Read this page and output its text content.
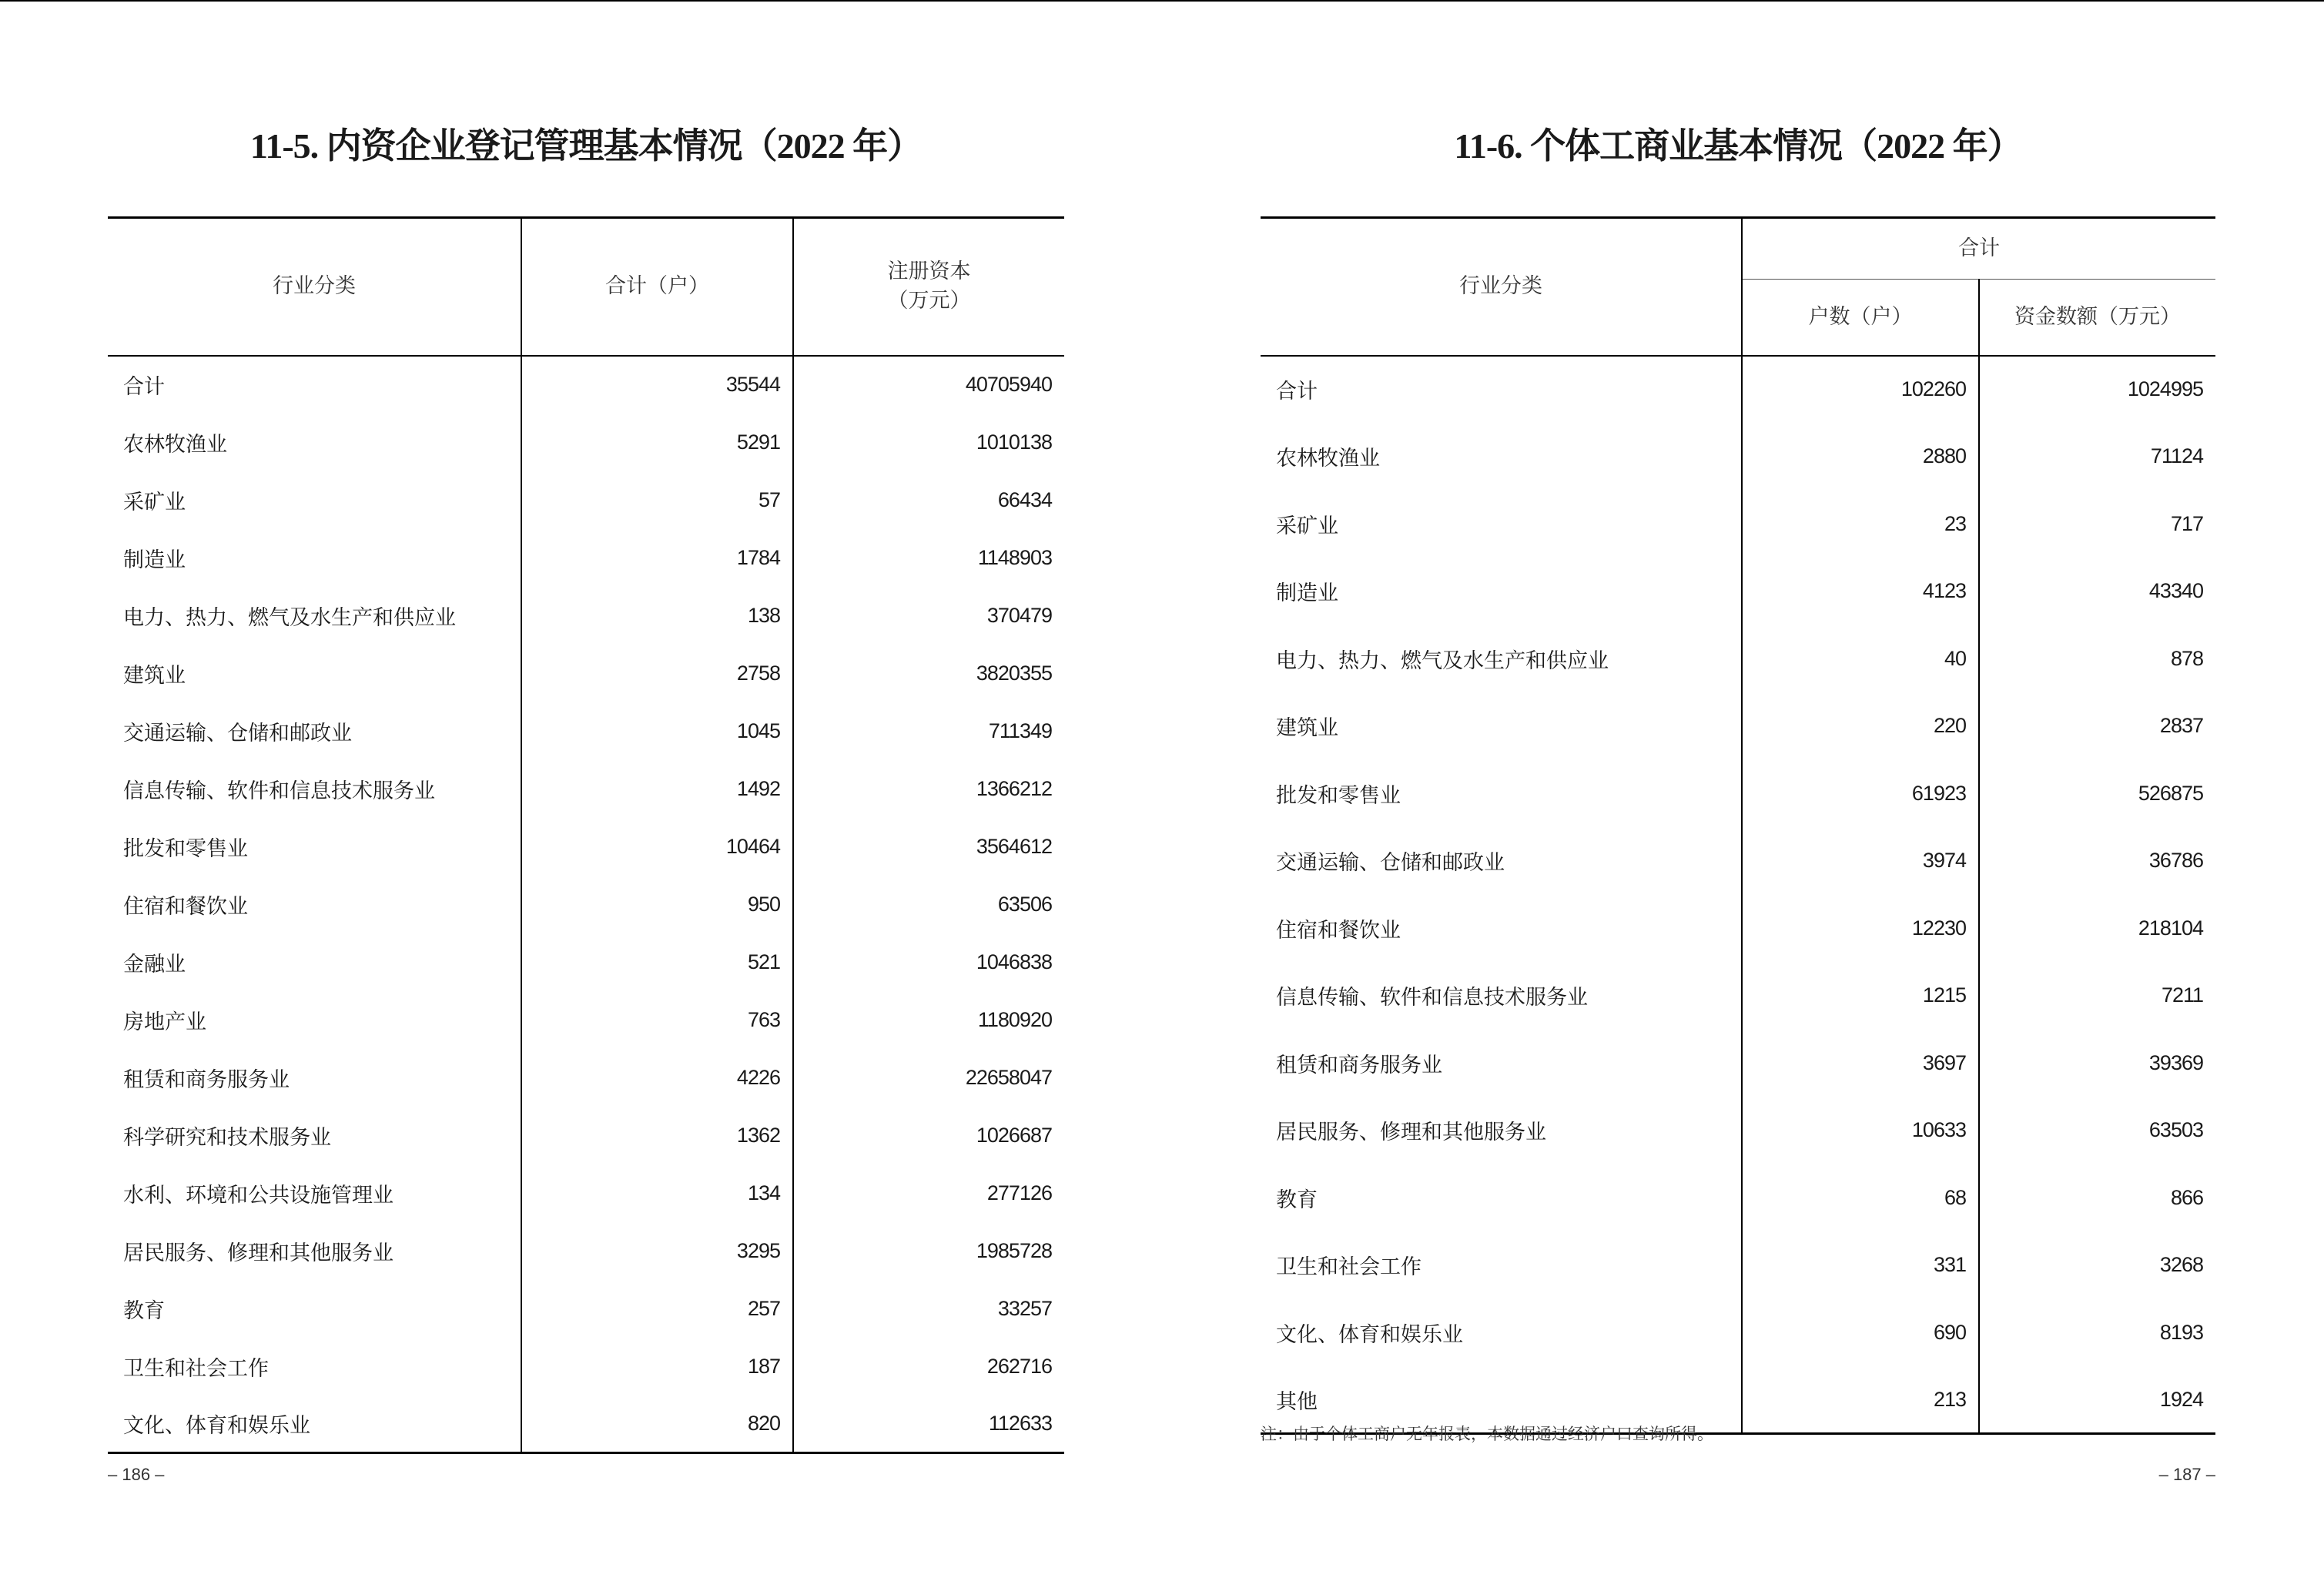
11-5. 内资企业登记管理基本情况（2022 年）
行业分类	合计（户）	注册资本
（万元）

合计	35544	40705940
农林牧渔业	5291	1010138
采矿业	57	66434
制造业	1784	1148903
电力、热力、燃气及水生产和供应业	138	370479
建筑业	2758	3820355
交通运输、仓储和邮政业	1045	711349
信息传输、软件和信息技术服务业	1492	1366212
批发和零售业	10464	3564612
住宿和餐饮业	950	63506
金融业	521	1046838
房地产业	763	1180920
租赁和商务服务业	4226	22658047
科学研究和技术服务业	1362	1026687
水利、环境和公共设施管理业	134	277126
居民服务、修理和其他服务业	3295	1985728
教育	257	33257
卫生和社会工作	187	262716
文化、体育和娱乐业	820	112633
– 186 –
11-6. 个体工商业基本情况（2022 年）
行业分类	合计	
	户数（户）	资金数额（万元）
合计	102260	1024995
农林牧渔业	2880	71124
采矿业	23	717
制造业	4123	43340
电力、热力、燃气及水生产和供应业	40	878
建筑业	220	2837
批发和零售业	61923	526875
交通运输、仓储和邮政业	3974	36786
住宿和餐饮业	12230	218104
信息传输、软件和信息技术服务业	1215	7211
租赁和商务服务业	3697	39369
居民服务、修理和其他服务业	10633	63503
教育	68	866
卫生和社会工作	331	3268
文化、体育和娱乐业	690	8193
其他	213	1924
注：由于个体工商户无年报表，本数据通过经济户口查询所得。
– 187 –
